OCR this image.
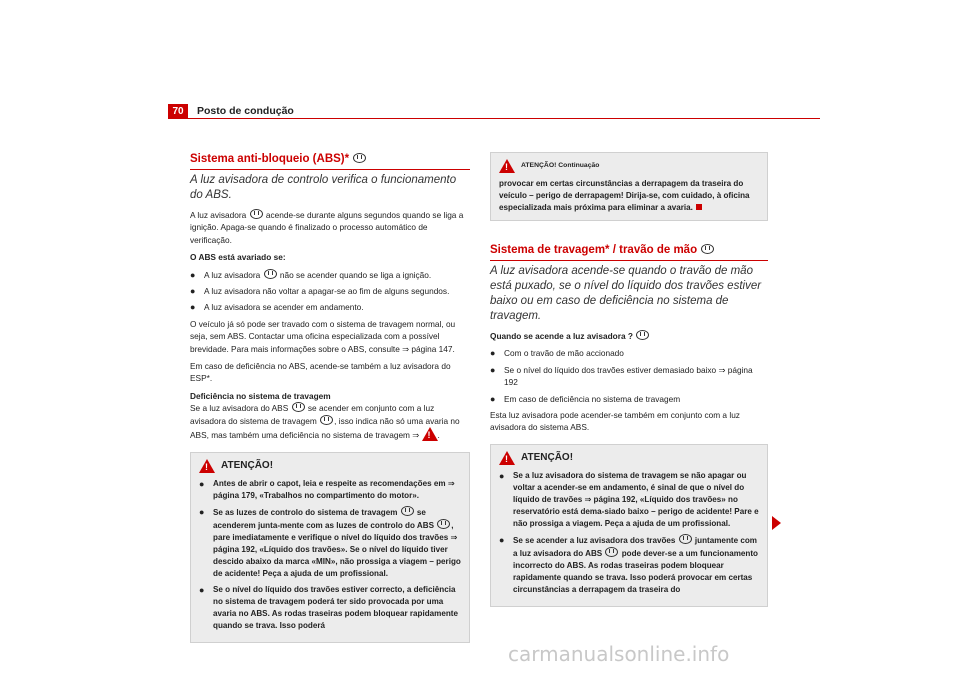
70	Posto de condução
Sistema anti-bloqueio (ABS)*
A luz avisadora de controlo verifica o funcionamento do ABS.

A luz avisadora acende-se durante alguns segundos quando se liga a ignição. Apaga-se quando é finalizado o processo automático de verificação.

O ABS está avariado se:

● A luz avisadora não se acender quando se liga a ignição.
● A luz avisadora não voltar a apagar-se ao fim de alguns segundos.
● A luz avisadora se acender em andamento.

O veículo já só pode ser travado com o sistema de travagem normal, ou seja, sem ABS. Contactar uma oficina especializada com a possível brevidade. Para mais informações sobre o ABS, consulte ⇒ página 147.

Em caso de deficiência no ABS, acende-se também a luz avisadora do ESP*.

Deficiência no sistema de travagem

Se a luz avisadora do ABS se acender em conjunto com a luz avisadora do sistema de travagem , isso indica não só uma avaria no ABS, mas também uma deficiência no sistema de travagem ⇒ ! .

!
ATENÇÃO!
● Antes de abrir o capot, leia e respeite as recomendações em ⇒ página 179, «Trabalhos no compartimento do motor».
● Se as luzes de controlo do sistema de travagem se acenderem junta-mente com as luzes de controlo do ABS , pare imediatamente e verifique o nível do líquido dos travões ⇒ página 192, «Líquido dos travões». Se o nível do líquido tiver descido abaixo da marca «MIN», não prossiga a viagem – perigo de acidente! Peça a ajuda de um profissional.
● Se o nível do líquido dos travões estiver correcto, a deficiência no sistema de travagem poderá ter sido provocada por uma avaria no ABS. As rodas traseiras podem bloquear rapidamente quando se trava. Isso poderá
!
ATENÇÃO! Continuação
provocar em certas circunstâncias a derrapagem da traseira do veículo – perigo de derrapagem! Dirija-se, com cuidado, à oficina especializada mais próxima para eliminar a avaria.
Sistema de travagem* / travão de mão
A luz avisadora acende-se quando o travão de mão está puxado, se o nível do líquido dos travões estiver baixo ou em caso de deficiência no sistema de travagem.

Quando se acende a luz avisadora ?

● Com o travão de mão accionado
● Se o nível do líquido dos travões estiver demasiado baixo ⇒ página 192
● Em caso de deficiência no sistema de travagem

Esta luz avisadora pode acender-se também em conjunto com a luz avisadora do sistema ABS.

!
ATENÇÃO!
● Se a luz avisadora do sistema de travagem se não apagar ou voltar a acender-se em andamento, é sinal de que o nível do líquido de travões ⇒ página 192, «Líquido dos travões» no reservatório está dema-siado baixo – perigo de acidente! Pare e não prossiga a viagem. Peça a ajuda de um profissional.
● Se se acender a luz avisadora dos travões juntamente com a luz avisadora do ABS pode dever-se a um funcionamento incorrecto do ABS. As rodas traseiras podem bloquear rapidamente quando se trava. Isso poderá provocar em certas circunstâncias a derrapagem da traseira do
carmanualsonline.info
